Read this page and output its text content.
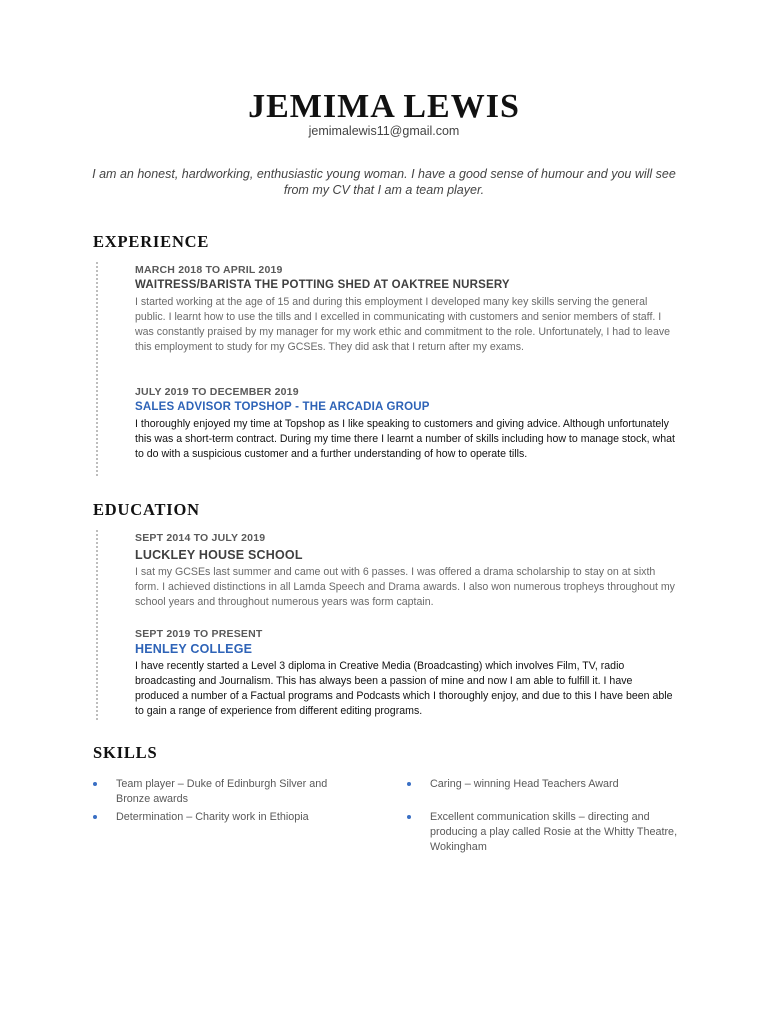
JEMIMA LEWIS
jemimalewis11@gmail.com
I am an honest, hardworking, enthusiastic young woman. I have a good sense of humour and you will see from my CV that I am a team player.
EXPERIENCE
MARCH 2018 TO APRIL 2019
WAITRESS/BARISTA THE POTTING SHED AT OAKTREE NURSERY
I started working at the age of 15 and during this employment I developed many key skills serving the general public. I learnt how to use the tills and I excelled in communicating with customers and senior members of staff. I was constantly praised by my manager for my work ethic and commitment to the role. Unfortunately, I had to leave this employment to study for my GCSEs. They did ask that I return after my exams.
JULY 2019 TO DECEMBER 2019
SALES ADVISOR TOPSHOP - THE ARCADIA GROUP
I thoroughly enjoyed my time at Topshop as I like speaking to customers and giving advice. Although unfortunately this was a short-term contract. During my time there I learnt a number of skills including how to manage stock, what to do with a suspicious customer and a further understanding of how to operate tills.
EDUCATION
SEPT 2014 TO JULY 2019
LUCKLEY HOUSE SCHOOL
I sat my GCSEs last summer and came out with 6 passes. I was offered a drama scholarship to stay on at sixth form. I achieved distinctions in all Lamda Speech and Drama awards. I also won numerous tropheys throughout my school years and throughout numerous years was form captain.
SEPT 2019 TO PRESENT
HENLEY COLLEGE
I have recently started a Level 3 diploma in Creative Media (Broadcasting) which involves Film, TV, radio broadcasting and Journalism. This has always been a passion of mine and now I am able to fulfill it. I have produced a number of a Factual programs and Podcasts which I thoroughly enjoy, and due to this I have been able to gain a range of experience from different editing programs.
SKILLS
Team player – Duke of Edinburgh Silver and Bronze awards
Determination – Charity work in Ethiopia
Caring – winning Head Teachers Award
Excellent communication skills – directing and producing a play called Rosie at the Whitty Theatre, Wokingham
